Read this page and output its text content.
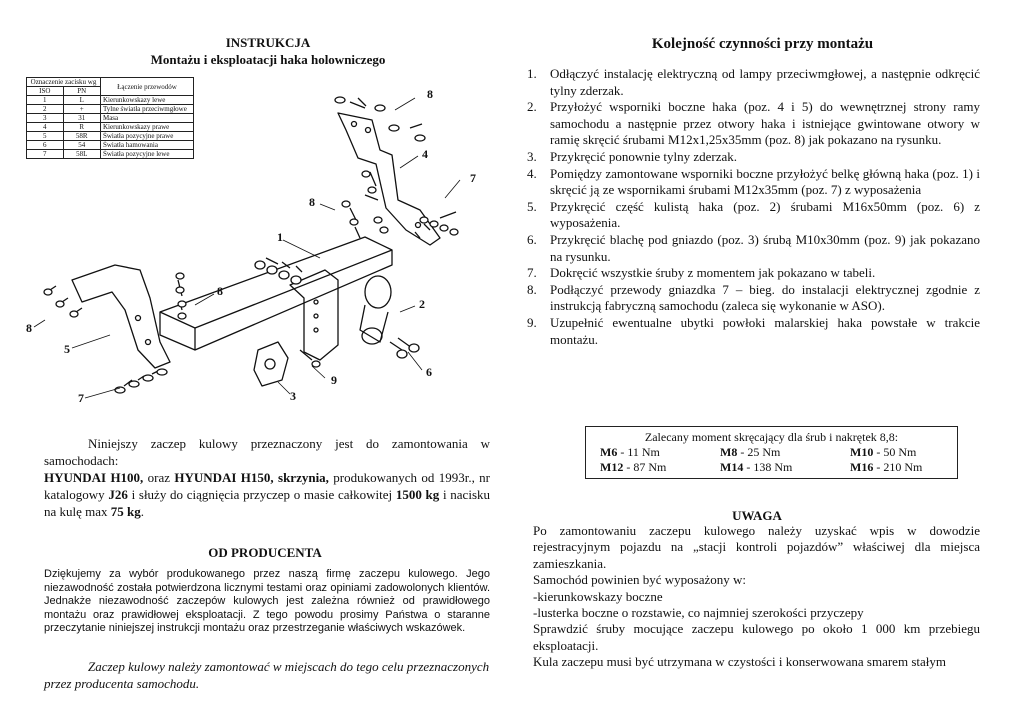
INSTRUKCJA
Montażu i eksploatacji haka holowniczego
8
4
7
8
1
8
2
8
5
6
9
7	3
Oznaczenie zacisku wg		Łączenie przewodów
ISO	PN	
1	L	Kierunkowskazy lewe
2	+	Tylne światła przeciwmgłowe
3	31	Masa
4	R	Kierunkowskazy prawe
5	58R	Światła pozycyjne prawe
6	54	Światła hamowania
7	58L	Światła pozycyjne lewe

Niniejszy zaczep kulowy przeznaczony jest do zamontowania w samochodach:
HYUNDAI H100, oraz HYUNDAI H150, skrzynia, produkowanych od 1993r., nr katalogowy J26 i służy do ciągnięcia przyczep o masie całkowitej 1500 kg i nacisku na kulę max 75 kg.

OD PRODUCENTA
Dziękujemy za wybór produkowanego przez naszą firmę zaczepu kulowego. Jego niezawodność została potwierdzona licznymi testami oraz opiniami zadowolonych klientów. Jednakże niezawodność zaczepów kulowych jest zależna również od prawidłowego montażu oraz prawidłowej eksploatacji. Z tego powodu prosimy Państwa o staranne przeczytanie niniejszej instrukcji montażu oraz przestrzeganie właściwych wskazówek.

Zaczep kulowy należy zamontować w miejscach do tego celu przeznaczonych przez producenta samochodu.

Kolejność czynności przy montażu
1.	Odłączyć instalację elektryczną od lampy przeciwmgłowej, a następnie odkręcić tylny zderzak.
2.	Przyłożyć wsporniki boczne haka (poz. 4 i 5) do wewnętrznej strony ramy samochodu a następnie przez otwory haka i istniejące gwintowane otwory w ramię skręcić śrubami M12x1,25x35mm (poz. 8) jak pokazano na rysunku.
3.	Przykręcić ponownie tylny zderzak.
4.	Pomiędzy zamontowane wsporniki boczne przyłożyć belkę główną haka (poz. 1) i skręcić ją ze wspornikami śrubami M12x35mm (poz. 7) z wyposażenia
5.	Przykręcić część kulistą haka (poz. 2) śrubami M16x50mm (poz. 6) z wyposażenia.
6.	Przykręcić blachę pod gniazdo (poz. 3) śrubą M10x30mm (poz. 9) jak pokazano na rysunku.
7.	Dokręcić wszystkie śruby z momentem jak pokazano w tabeli.
8.	Podłączyć przewody gniazdka 7 – bieg. do instalacji elektrycznej zgodnie z instrukcją fabryczną samochodu (zaleca się wykonanie w ASO).
9.	Uzupełnić ewentualne ubytki powłoki malarskiej haka powstałe w trakcie montażu.
Zalecany moment skręcający dla śrub i nakrętek 8,8:
M6 - 11 Nm	M8 - 25 Nm	M10 - 50 Nm
M12 - 87 Nm	M14 - 138 Nm	M16 - 210 Nm
UWAGA
Po zamontowaniu zaczepu kulowego należy uzyskać wpis w dowodzie rejestracyjnym pojazdu na „stacji kontroli pojazdów” właściwej dla miejsca zamieszkania.
Samochód powinien być wyposażony w:
-kierunkowskazy boczne
-lusterka boczne o rozstawie, co najmniej szerokości przyczepy
Sprawdzić śruby mocujące zaczepu kulowego po około 1 000 km przebiegu eksploatacji.
Kula zaczepu musi być utrzymana w czystości i konserwowana smarem stałym
